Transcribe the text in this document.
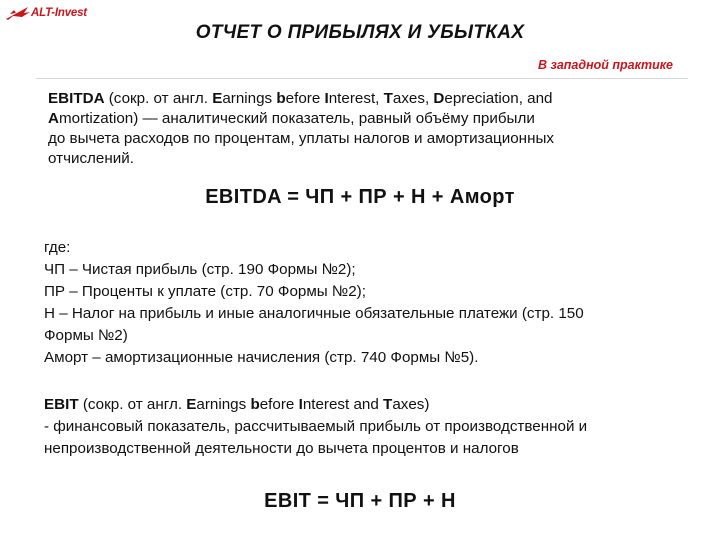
ALT-Invest
ОТЧЕТ О ПРИБЫЛЯХ И УБЫТКАХ
В западной практике
EBITDA (сокр. от англ. Earnings before Interest, Taxes, Depreciation, and
Amortization) — аналитический показатель, равный объёму прибыли
до вычета расходов по процентам, уплаты налогов и амортизационных
отчислений.
EBITDA = ЧП + ПР + Н + Аморт
где:
ЧП – Чистая прибыль (стр. 190 Формы №2);
ПР – Проценты к уплате (стр. 70 Формы №2);
Н – Налог на прибыль и иные аналогичные обязательные платежи (стр. 150
Формы №2)
Аморт – амортизационные начисления (стр. 740 Формы №5).
EBIT (сокр. от англ. Earnings before Interest and Taxes)
- финансовый показатель, рассчитываемый прибыль от производственной и
непроизводственной деятельности до вычета процентов и налогов
EBIT = ЧП + ПР + Н
